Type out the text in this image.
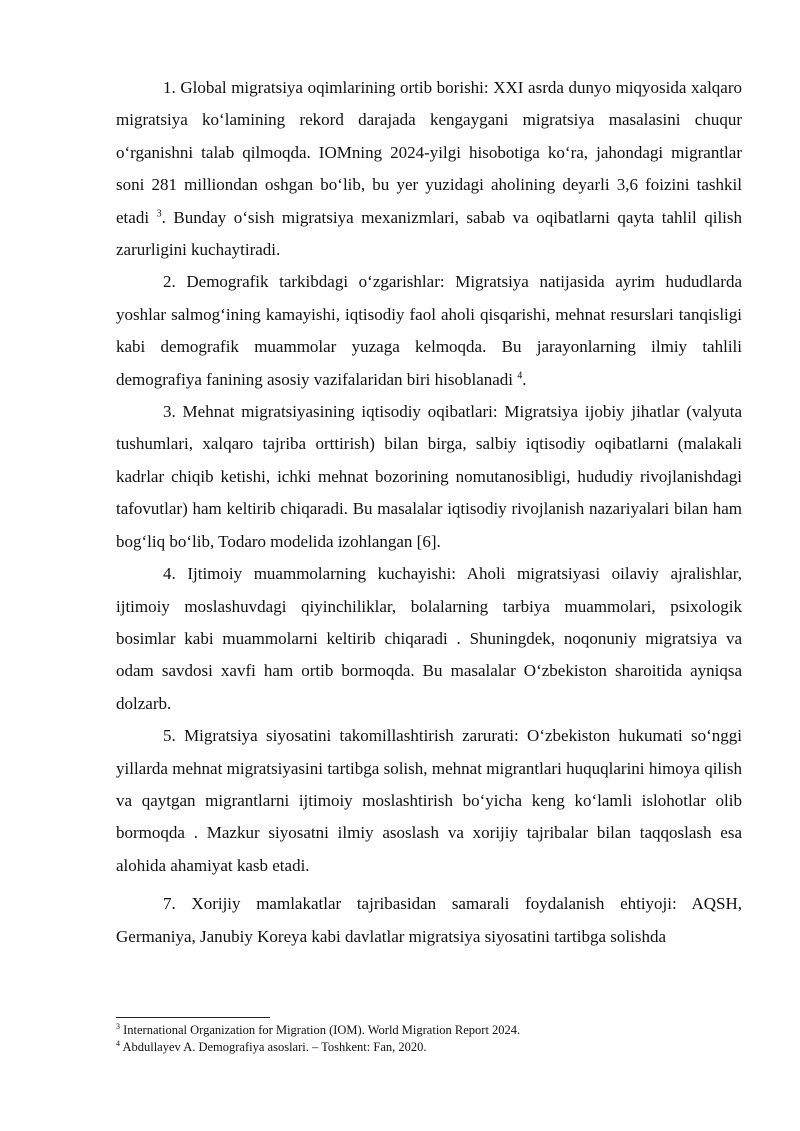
1. Global migratsiya oqimlarining ortib borishi: XXI asrda dunyo miqyosida xalqaro migratsiya koʻlamining rekord darajada kengaygani migratsiya masalasini chuqur oʻrganishni talab qilmoqda. IOMning 2024-yilgi hisobotiga koʻra, jahondagi migrantlar soni 281 milliondan oshgan boʻlib, bu yer yuzidagi aholining deyarli 3,6 foizini tashkil etadi $^3$. Bunday oʻsish migratsiya mexanizmlari, sabab va oqibatlarni qayta tahlil qilish zarurligini kuchaytiradi.

2. Demografik tarkibdagi oʻzgarishlar: Migratsiya natijasida ayrim hududlarda yoshlar salmogʻining kamayishi, iqtisodiy faol aholi qisqarishi, mehnat resurslari tanqisligi kabi demografik muammolar yuzaga kelmoqda. Bu jarayonlarning ilmiy tahlili demografiya fanining asosiy vazifalaridan biri hisoblanadi $^4$.

3. Mehnat migratsiyasining iqtisodiy oqibatlari: Migratsiya ijobiy jihatlar (valyuta tushumlari, xalqaro tajriba orttirish) bilan birga, salbiy iqtisodiy oqibatlarni (malakali kadrlar chiqib ketishi, ichki mehnat bozorining nomutanosibligi, hududiy rivojlanishdagi tafovutlar) ham keltirib chiqaradi. Bu masalalar iqtisodiy rivojlanish nazariyalari bilan ham bogʻliq boʻlib, Todaro modelida izohlangan [6].

4. Ijtimoiy muammolarning kuchayishi: Aholi migratsiyasi oilaviy ajralishlar, ijtimoiy moslashuvdagi qiyinchiliklar, bolalarning tarbiya muammolari, psixologik bosimlar kabi muammolarni keltirib chiqaradi . Shuningdek, noqonuniy migratsiya va odam savdosi xavfi ham ortib bormoqda. Bu masalalar Oʻzbekiston sharoitida ayniqsa dolzarb.

5. Migratsiya siyosatini takomillashtirish zarurati: Oʻzbekiston hukumati soʻnggi yillarda mehnat migratsiyasini tartibga solish, mehnat migrantlari huquqlarini himoya qilish va qaytgan migrantlarni ijtimoiy moslashtirish boʻyicha keng koʻlamli islohotlar olib bormoqda . Mazkur siyosatni ilmiy asoslash va xorijiy tajribalar bilan taqqoslash esa alohida ahamiyat kasb etadi.

7. Xorijiy mamlakatlar tajribasidan samarali foydalanish ehtiyoji: AQSH, Germaniya, Janubiy Koreya kabi davlatlar migratsiya siyosatini tartibga solishda

$^3$ International Organization for Migration (IOM). World Migration Report 2024.

$^4$ Abdullayev A. Demografiya asoslari. – Toshkent: Fan, 2020.
